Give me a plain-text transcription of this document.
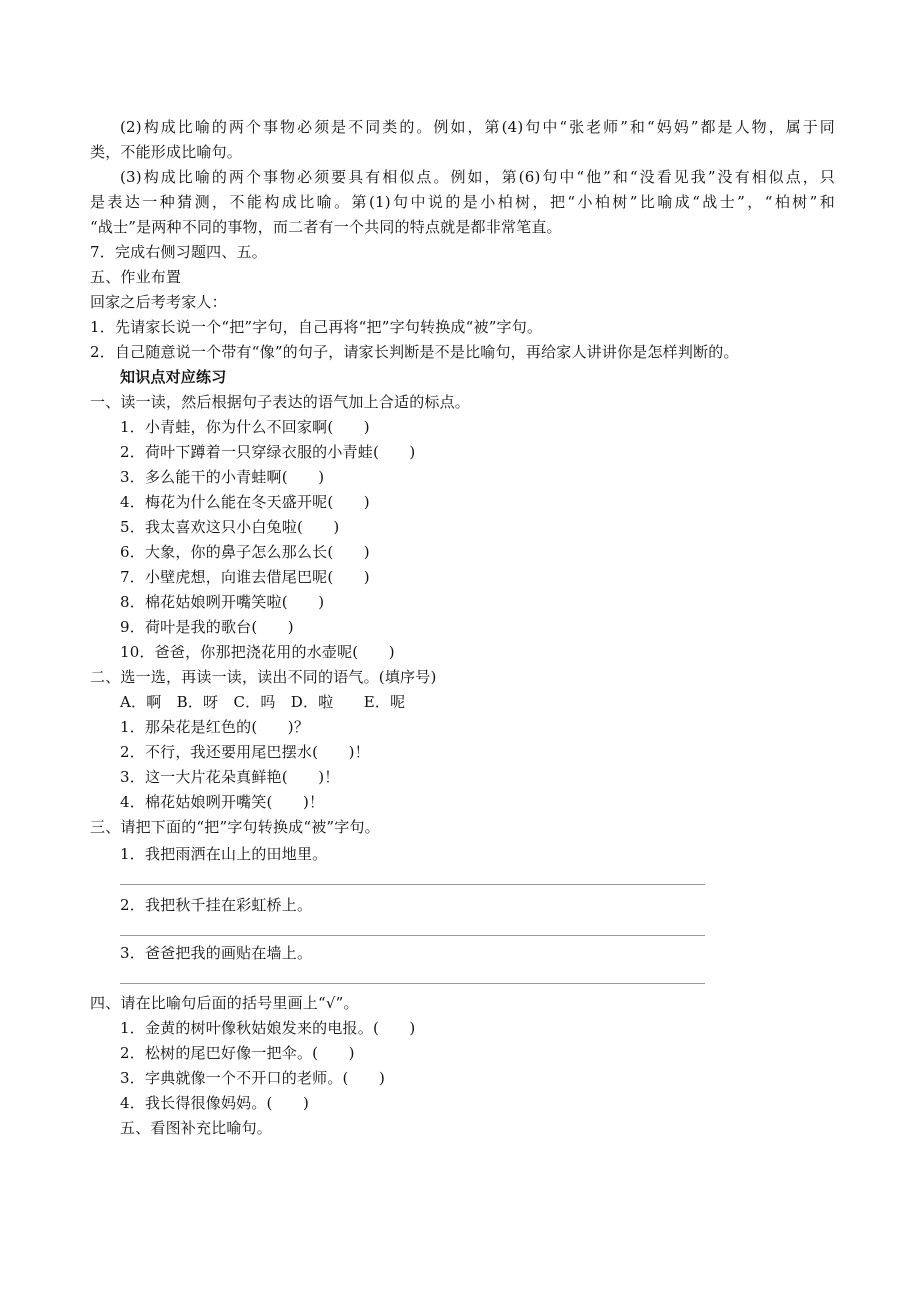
(2)构成比喻的两个事物必须是不同类的。例如，第(4)句中“张老师”和“妈妈”都是人物，属于同
类，不能形成比喻句。
(3)构成比喻的两个事物必须要具有相似点。例如，第(6)句中“他”和“没看见我”没有相似点，只
是表达一种猜测，不能构成比喻。第(1)句中说的是小柏树，把“小柏树”比喻成“战士”，“柏树”和
“战士”是两种不同的事物，而二者有一个共同的特点就是都非常笔直。
7．完成右侧习题四、五。
五、作业布置
回家之后考考家人：
1．先请家长说一个“把”字句，自己再将“把”字句转换成“被”字句。
2．自己随意说一个带有“像”的句子，请家长判断是不是比喻句，再给家人讲讲你是怎样判断的。
知识点对应练习
一、读一读，然后根据句子表达的语气加上合适的标点。
1．小青蛙，你为什么不回家啊(　　)
2．荷叶下蹲着一只穿绿衣服的小青蛙(　　)
3．多么能干的小青蛙啊(　　)
4．梅花为什么能在冬天盛开呢(　　)
5．我太喜欢这只小白兔啦(　　)
6．大象，你的鼻子怎么那么长(　　)
7．小壁虎想，向谁去借尾巴呢(　　)
8．棉花姑娘咧开嘴笑啦(　　)
9．荷叶是我的歌台(　　)
10．爸爸，你那把浇花用的水壶呢(　　)
二、选一选，再读一读，读出不同的语气。(填序号)
A．啊　B．呀　C．吗　D．啦　　E．呢
1．那朵花是红色的(　　)？
2．不行，我还要用尾巴摆水(　　)！
3．这一大片花朵真鲜艳(　　)！
4．棉花姑娘咧开嘴笑(　　)！
三、请把下面的“把”字句转换成“被”字句。
1．我把雨洒在山上的田地里。
2．我把秋千挂在彩虹桥上。
3．爸爸把我的画贴在墙上。
四、请在比喻句后面的括号里画上“√”。
1．金黄的树叶像秋姑娘发来的电报。(　　)
2．松树的尾巴好像一把伞。(　　)
3．字典就像一个不开口的老师。(　　)
4．我长得很像妈妈。(　　)
五、看图补充比喻句。
